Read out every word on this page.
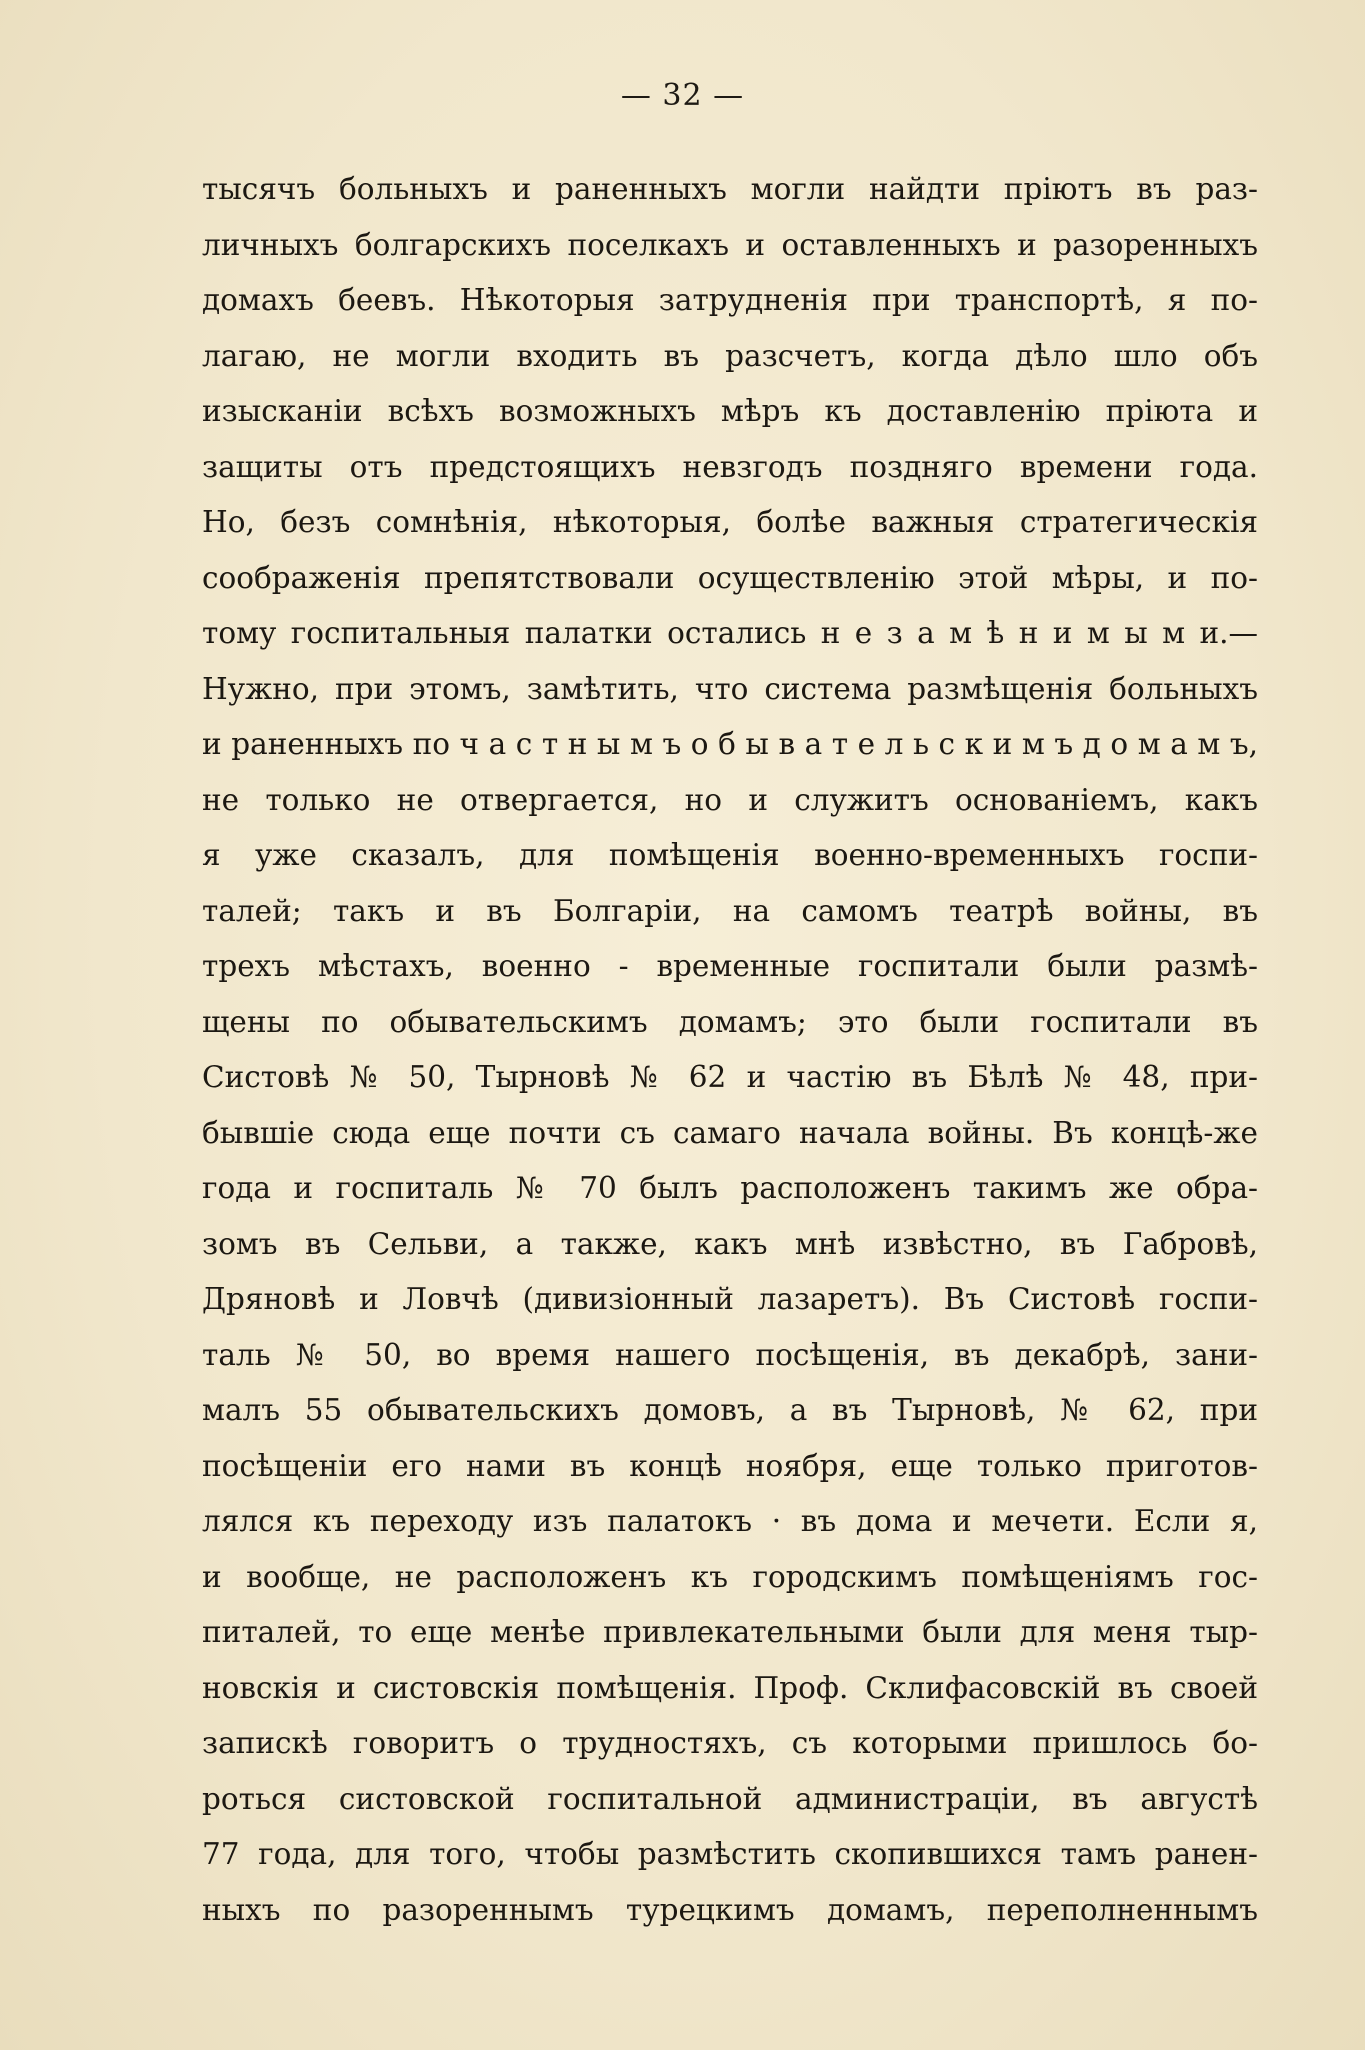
— 32 —
тысячъ больныхъ и раненныхъ могли найдти прiютъ въ раз-
личныхъ болгарскихъ поселкахъ и оставленныхъ и разоренныхъ
домахъ беевъ. Нѣкоторыя затрудненiя при транспортѣ, я по-
лагаю, не могли входить въ разсчетъ, когда дѣло шло объ
изысканiи всѣхъ возможныхъ мѣръ къ доставленiю прiюта и
защиты отъ предстоящихъ невзгодъ поздняго времени года.
Но, безъ сомнѣнiя, нѣкоторыя, болѣе важныя стратегическiя
соображенiя препятствовали осуществленiю этой мѣры, и по-
тому госпитальныя палатки остались н е з а м ѣ н и м ы м и.—
Нужно, при этомъ, замѣтить, что система размѣщенiя больныхъ
и раненныхъ по ч а с т н ы м ъ о б ы в а т е л ь с к и м ъ д о м а м ъ,
не только не отвергается, но и служитъ основанiемъ, какъ
я уже сказалъ, для помѣщенiя военно-временныхъ госпи-
талей; такъ и въ Болгарiи, на самомъ театрѣ войны, въ
трехъ мѣстахъ, военно - временные госпитали были размѣ-
щены по обывательскимъ домамъ; это были госпитали въ
Систовѣ № 50, Тырновѣ № 62 и частiю въ Бѣлѣ № 48, при-
бывшiе сюда еще почти съ самаго начала войны. Въ концѣ-же
года и госпиталь № 70 былъ расположенъ такимъ же обра-
зомъ въ Сельви, а также, какъ мнѣ извѣстно, въ Габровѣ,
Дряновѣ и Ловчѣ (дивизiонный лазаретъ). Въ Систовѣ госпи-
таль № 50, во время нашего посѣщенiя, въ декабрѣ, зани-
малъ 55 обывательскихъ домовъ, а въ Тырновѣ, № 62, при
посѣщенiи его нами въ концѣ ноября, еще только приготов-
лялся къ переходу изъ палатокъ · въ дома и мечети. Если я,
и вообще, не расположенъ къ городскимъ помѣщенiямъ гос-
питалей, то еще менѣе привлекательными были для меня тыр-
новскiя и систовскiя помѣщенiя. Проф. Склифасовскiй въ своей
запискѣ говоритъ о трудностяхъ, съ которыми пришлось бо-
роться систовской госпитальной администрацiи, въ августѣ
77 года, для того, чтобы размѣстить скопившихся тамъ ранен-
ныхъ по разореннымъ турецкимъ домамъ, переполненнымъ
